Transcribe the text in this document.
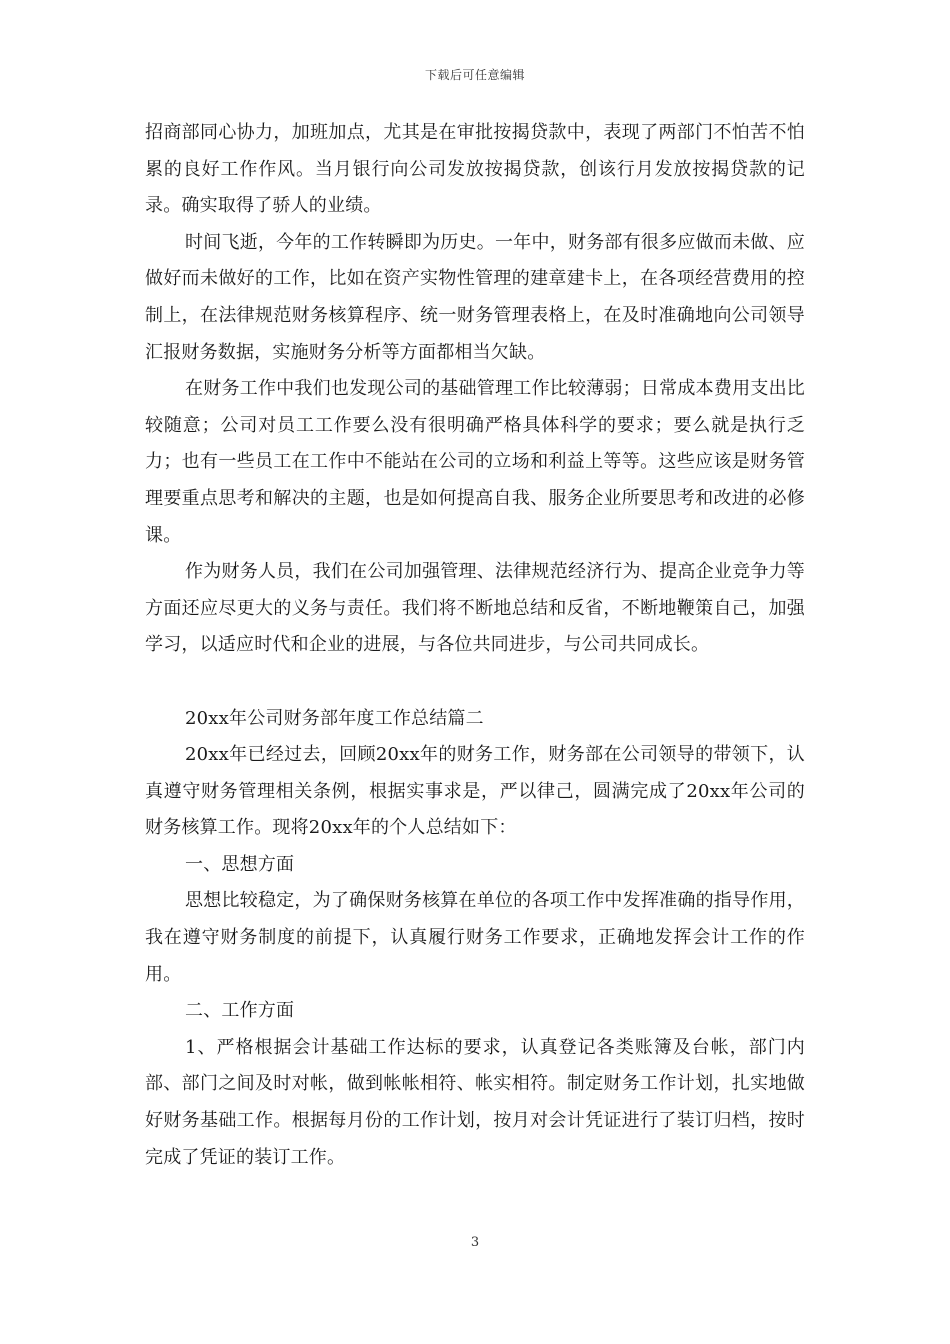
下载后可任意编辑

招商部同心协力，加班加点，尤其是在审批按揭贷款中，表现了两部门不怕苦不怕累的良好工作作风。当月银行向公司发放按揭贷款，创该行月发放按揭贷款的记录。确实取得了骄人的业绩。

时间飞逝，今年的工作转瞬即为历史。一年中，财务部有很多应做而未做、应做好而未做好的工作，比如在资产实物性管理的建章建卡上，在各项经营费用的控制上，在法律规范财务核算程序、统一财务管理表格上，在及时准确地向公司领导汇报财务数据，实施财务分析等方面都相当欠缺。

在财务工作中我们也发现公司的基础管理工作比较薄弱；日常成本费用支出比较随意；公司对员工工作要么没有很明确严格具体科学的要求；要么就是执行乏力；也有一些员工在工作中不能站在公司的立场和利益上等等。这些应该是财务管理要重点思考和解决的主题，也是如何提高自我、服务企业所要思考和改进的必修课。

作为财务人员，我们在公司加强管理、法律规范经济行为、提高企业竞争力等方面还应尽更大的义务与责任。我们将不断地总结和反省，不断地鞭策自己，加强学习，以适应时代和企业的进展，与各位共同进步，与公司共同成长。

20xx年公司财务部年度工作总结篇二

20xx年已经过去，回顾20xx年的财务工作，财务部在公司领导的带领下，认真遵守财务管理相关条例，根据实事求是，严以律己，圆满完成了20xx年公司的财务核算工作。现将20xx年的个人总结如下：

一、思想方面

思想比较稳定，为了确保财务核算在单位的各项工作中发挥准确的指导作用，我在遵守财务制度的前提下，认真履行财务工作要求，正确地发挥会计工作的作用。

二、工作方面

1、严格根据会计基础工作达标的要求，认真登记各类账簿及台帐，部门内部、部门之间及时对帐，做到帐帐相符、帐实相符。制定财务工作计划，扎实地做好财务基础工作。根据每月份的工作计划，按月对会计凭证进行了装订归档，按时完成了凭证的装订工作。

3
